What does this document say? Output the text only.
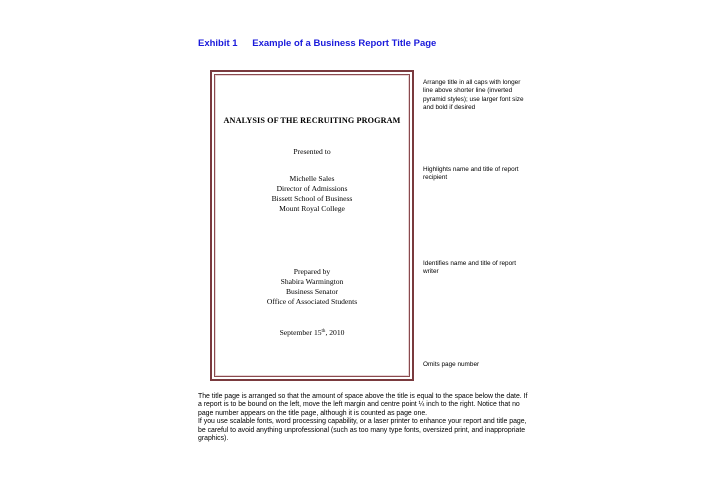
Exhibit 1 Example of a Business Report Title Page
ANALYSIS OF THE RECRUITING PROGRAM
Presented to
Michelle Sales
Director of Admissions
Bissett School of Business
Mount Royal College
Prepared by
Shabira Warmington
Business Senator
Office of Associated Students
September 15th, 2010
Arrange title in all caps with longer line above shorter line (inverted pyramid styles); use larger font size and bold if desired
Highlights name and title of report recipient
Identifies name and title of report writer
Omits page number

The title page is arranged so that the amount of space above the title is equal to the space below the date. If a report is to be bound on the left, move the left margin and centre point ¼ inch to the right. Notice that no page number appears on the title page, although it is counted as page one.

If you use scalable fonts, word processing capability, or a laser printer to enhance your report and title page, be careful to avoid anything unprofessional (such as too many type fonts, oversized print, and inappropriate graphics).
